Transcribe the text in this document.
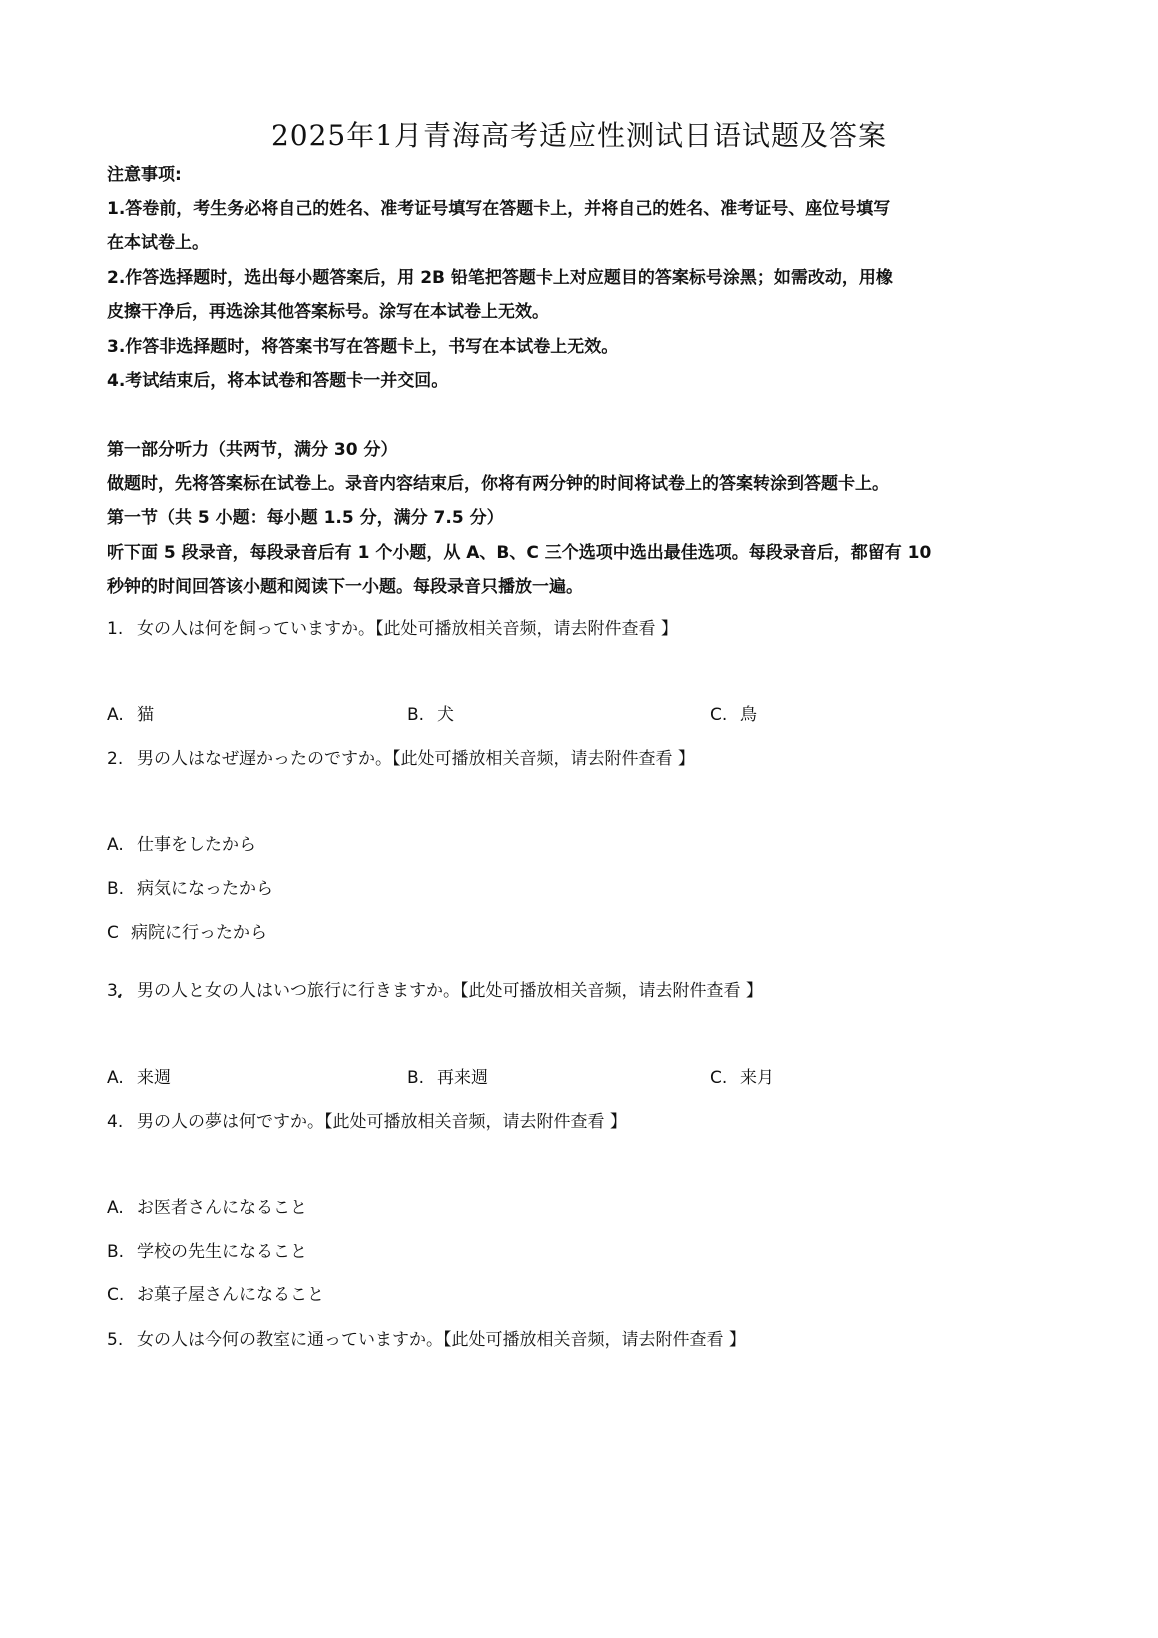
2025年1月青海高考适应性测试日语试题及答案
注意事项:
1.答卷前，考生务必将自己的姓名、准考证号填写在答题卡上，并将自己的姓名、准考证号、座位号填写
在本试卷上。
2.作答选择题时，选出每小题答案后，用 2B 铅笔把答题卡上对应题目的答案标号涂黑；如需改动，用橡
皮擦干净后，再选涂其他答案标号。涂写在本试卷上无效。
3.作答非选择题时，将答案书写在答题卡上，书写在本试卷上无效。
4.考试结束后，将本试卷和答题卡一并交回。
第一部分听力（共两节，满分 30 分）
做题时，先将答案标在试卷上。录音内容结束后，你将有两分钟的时间将试卷上的答案转涂到答题卡上。
第一节（共 5 小题：每小题 1.5 分，满分 7.5 分）
听下面 5 段录音，每段录音后有 1 个小题，从 A、B、C 三个选项中选出最佳选项。每段录音后，都留有 10
秒钟的时间回答该小题和阅读下一小题。每段录音只播放一遍。
1. 女の人は何を飼っていますか。【此处可播放相关音频，请去附件查看 】
A. 猫	B. 犬	C. 鳥
2. 男の人はなぜ遅かったのですか。【此处可播放相关音频，请去附件查看 】
A. 仕事をしたから
B. 病気になったから
C 病院に行ったから
3. 男の人と女の人はいつ旅行に行きますか。【此处可播放相关音频，请去附件查看 】
A. 来週	B. 再来週	C. 来月
4. 男の人の夢は何ですか。【此处可播放相关音频，请去附件查看 】
A. お医者さんになること
B. 学校の先生になること
C. お菓子屋さんになること
5. 女の人は今何の教室に通っていますか。【此处可播放相关音频，请去附件查看 】
